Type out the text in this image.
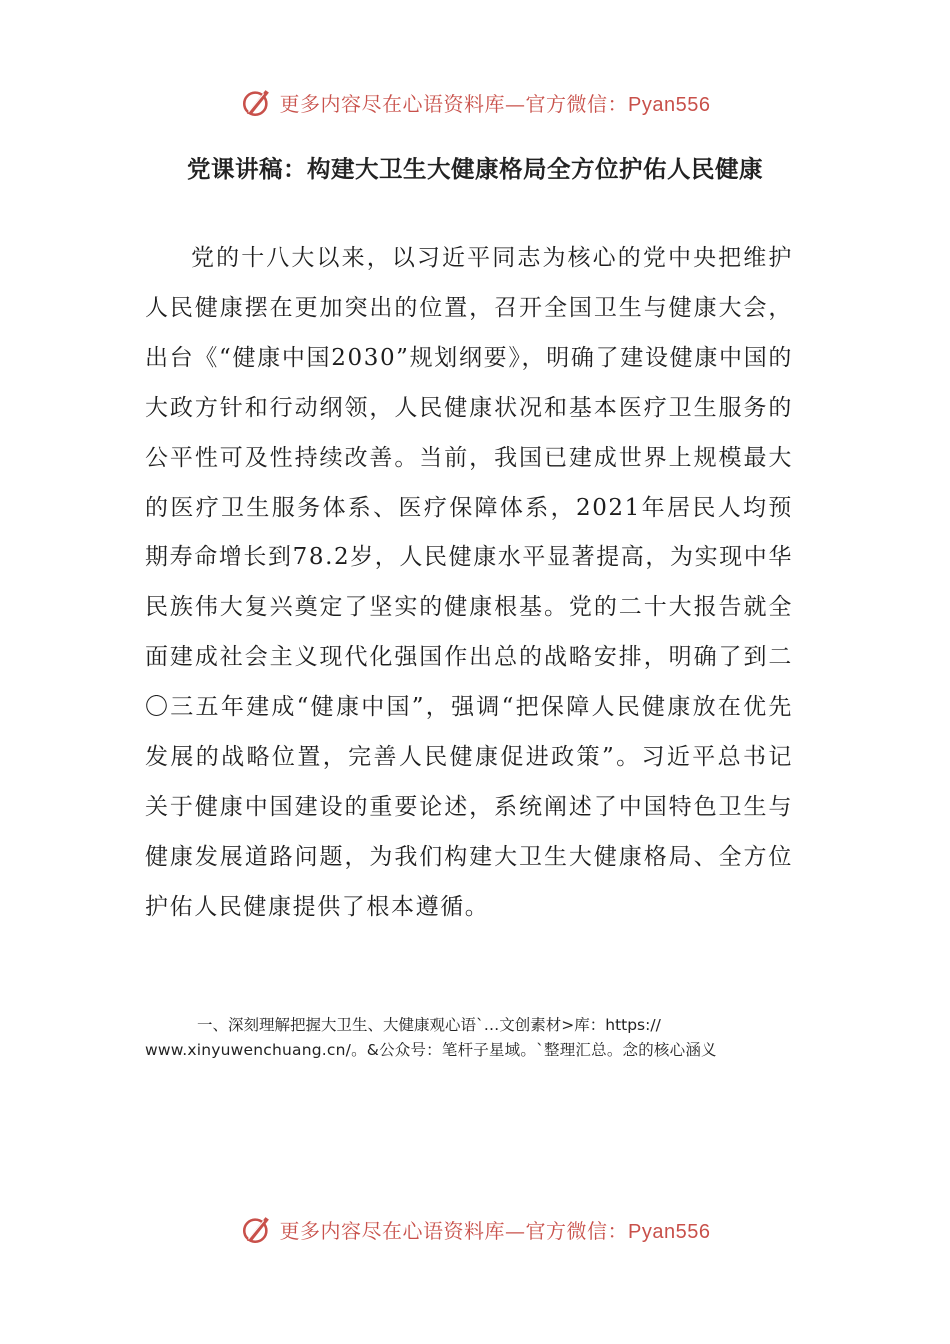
更多内容尽在心语资料库—官方微信：Pyan556
党课讲稿：构建大卫生大健康格局全方位护佑人民健康

党的十八大以来，以习近平同志为核心的党中央把维护人民健康摆在更加突出的位置，召开全国卫生与健康大会，出台《“健康中国2030”规划纲要》，明确了建设健康中国的大政方针和行动纲领，人民健康状况和基本医疗卫生服务的公平性可及性持续改善。当前，我国已建成世界上规模最大的医疗卫生服务体系、医疗保障体系，2021年居民人均预期寿命增长到78.2岁，人民健康水平显著提高，为实现中华民族伟大复兴奠定了坚实的健康根基。党的二十大报告就全面建成社会主义现代化强国作出总的战略安排，明确了到二〇三五年建成“健康中国”，强调“把保障人民健康放在优先发展的战略位置，完善人民健康促进政策”。习近平总书记关于健康中国建设的重要论述，系统阐述了中国特色卫生与健康发展道路问题，为我们构建大卫生大健康格局、全方位护佑人民健康提供了根本遵循。

一、深刻理解把握大卫生、大健康观心语`…文创素材>库：https://
www.xinyuwenchuang.cn/。&公众号：笔杆子星域。`整理汇总。念的核心涵义

更多内容尽在心语资料库—官方微信：Pyan556
